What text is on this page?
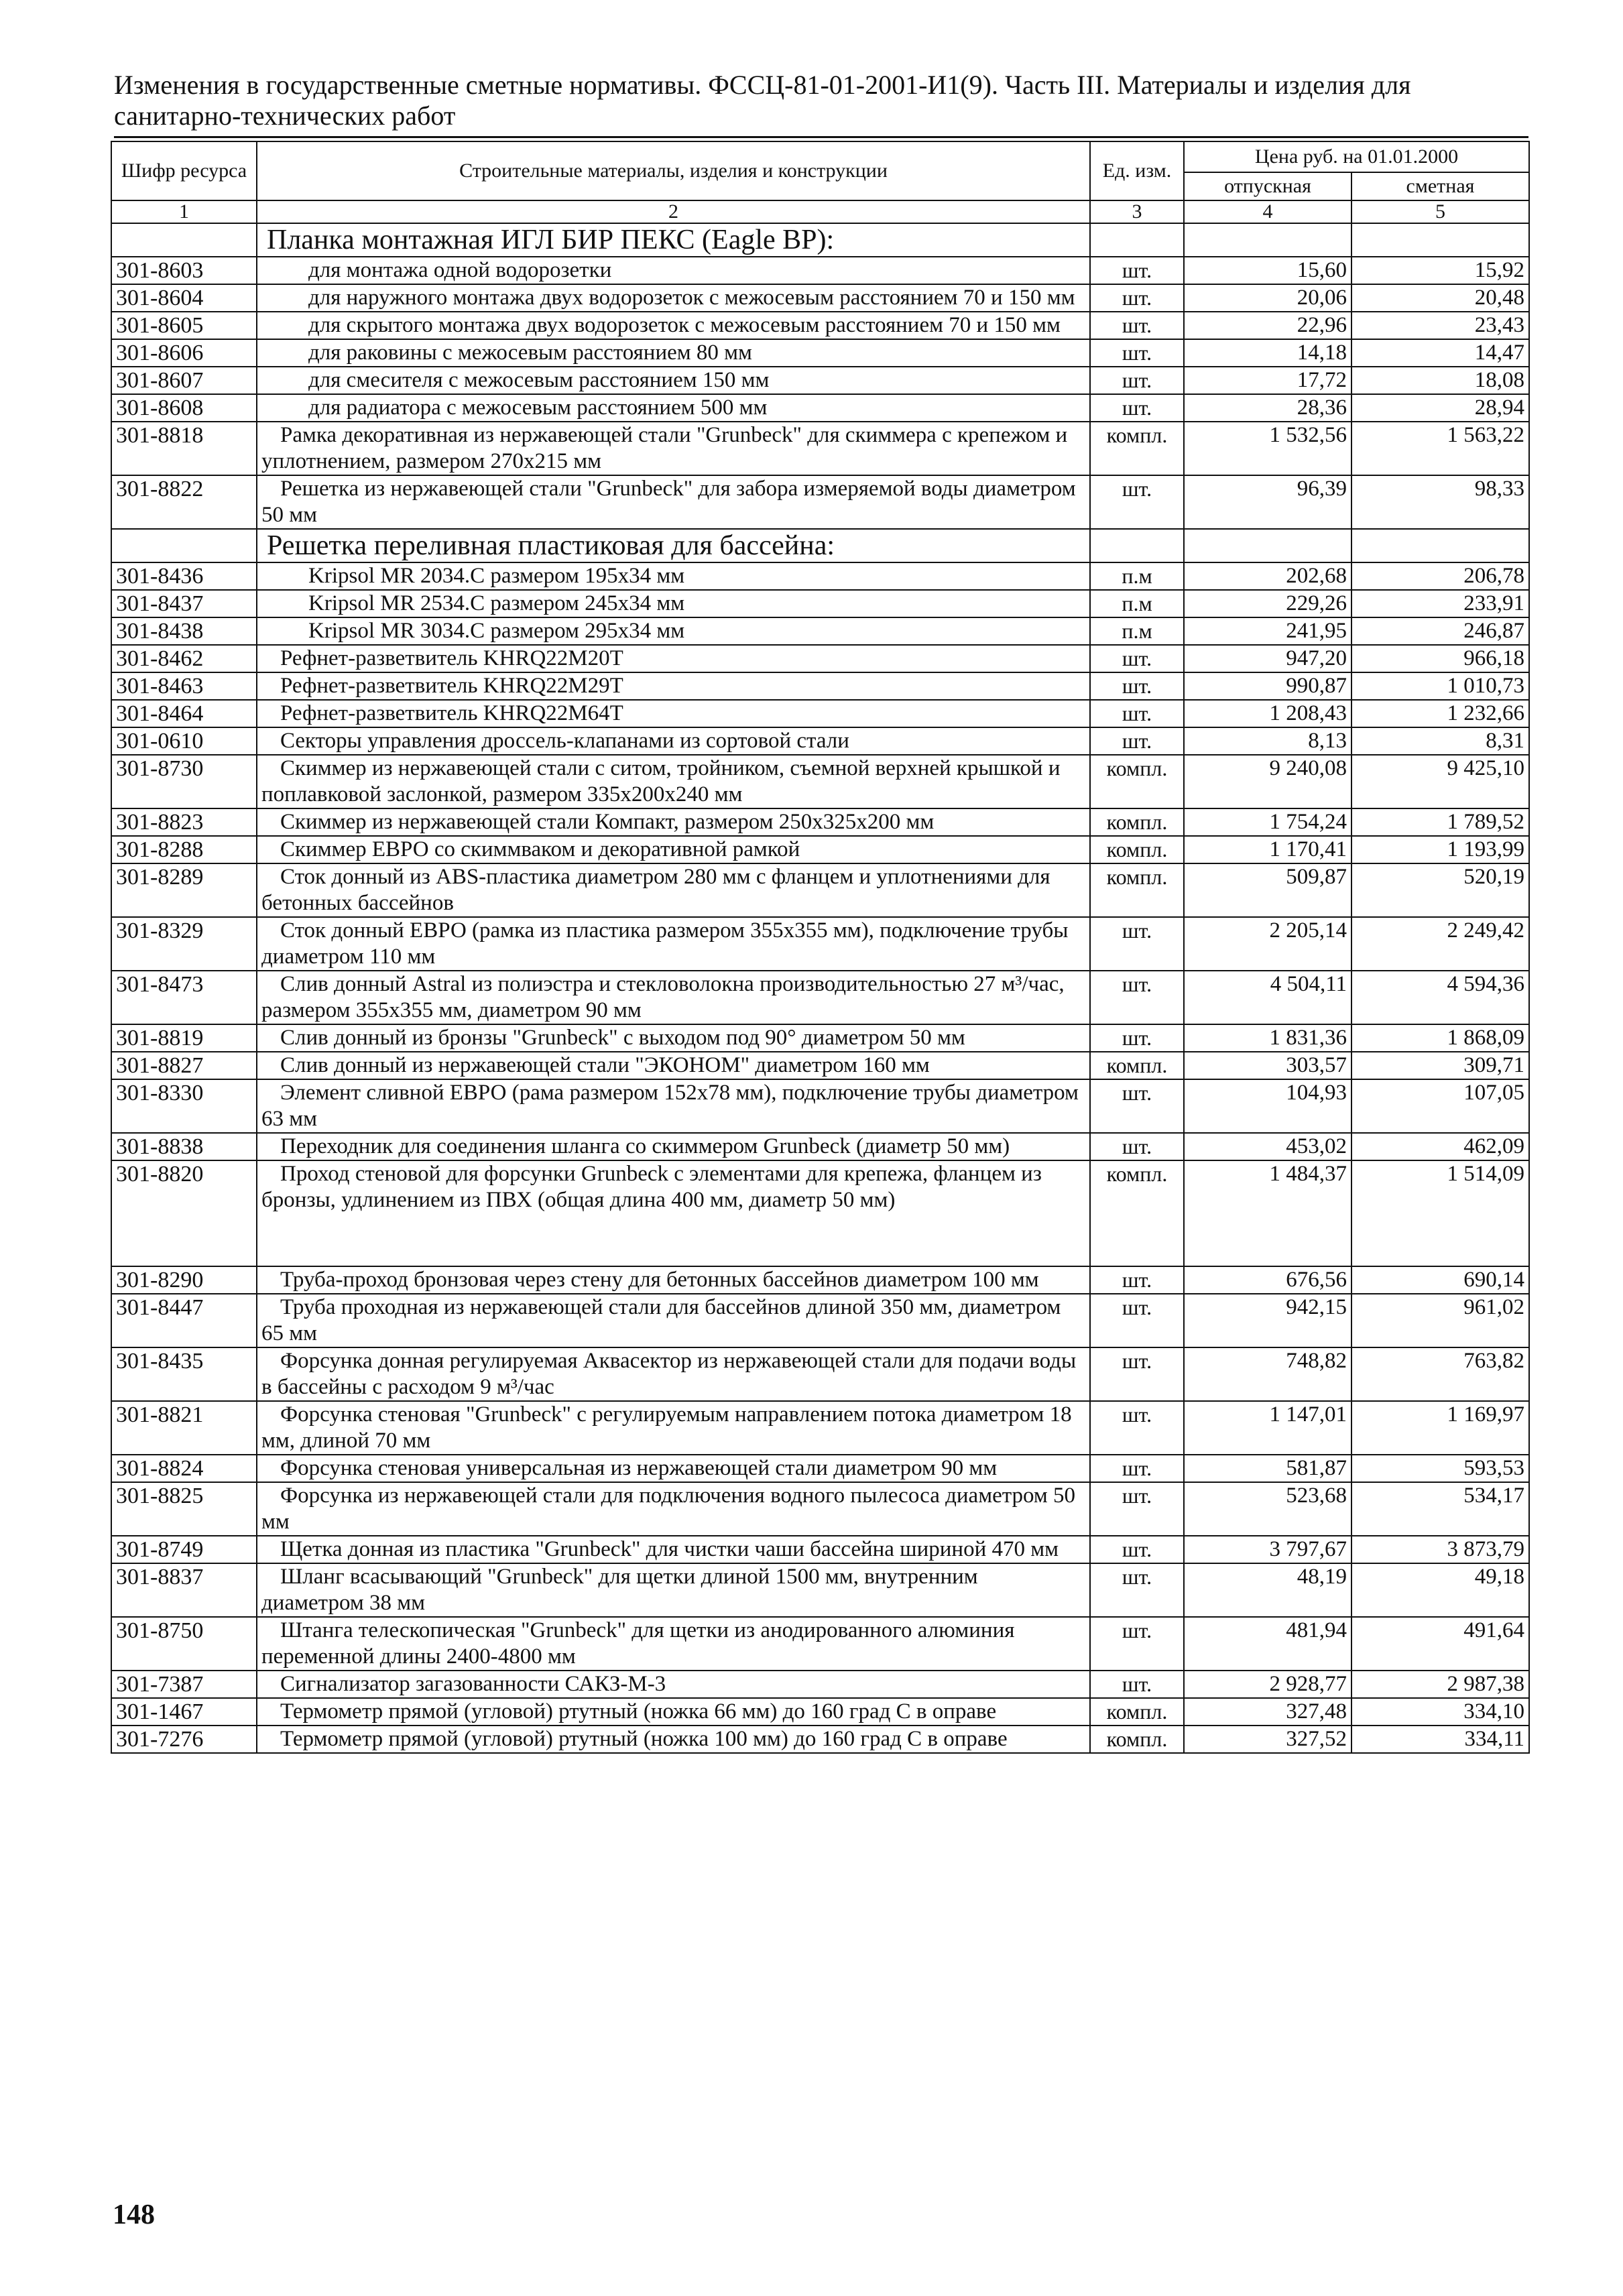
Изменения в государственные сметные нормативы. ФССЦ-81-01-2001-И1(9). Часть III. Материалы и изделия для
санитарно-технических работ
Шифр ресурса	Строительные материалы, изделия и конструкции	Ед. изм.	Цена руб. на 01.01.2000	
			отпускная	сметная
1	2	3	4	5
	Планка монтажная ИГЛ БИР ПЕКС (Eagle BP):			
301-8603	для монтажа одной водорозетки	шт.	15,60	15,92
301-8604	для наружного монтажа двух водорозеток с межосевым расстоянием 70 и 150 мм	шт.	20,06	20,48
301-8605	для скрытого монтажа двух водорозеток с межосевым расстоянием 70 и 150 мм	шт.	22,96	23,43
301-8606	для раковины с межосевым расстоянием 80 мм	шт.	14,18	14,47
301-8607	для смесителя с межосевым расстоянием 150 мм	шт.	17,72	18,08
301-8608	для радиатора с межосевым расстоянием 500 мм	шт.	28,36	28,94
301-8818	Рамка декоративная из нержавеющей стали "Grunbeck" для скиммера с крепежом и уплотнением, размером 270х215 мм	компл.	1 532,56	1 563,22
301-8822	Решетка из нержавеющей стали "Grunbeck" для забора измеряемой воды диаметром 50 мм	шт.	96,39	98,33
	Решетка переливная пластиковая для бассейна:			
301-8436	Kripsol MR 2034.C размером 195х34 мм	п.м	202,68	206,78
301-8437	Kripsol MR 2534.C размером 245х34 мм	п.м	229,26	233,91
301-8438	Kripsol MR 3034.C размером 295х34 мм	п.м	241,95	246,87
301-8462	Рефнет-разветвитель KHRQ22M20T	шт.	947,20	966,18
301-8463	Рефнет-разветвитель KHRQ22M29T	шт.	990,87	1 010,73
301-8464	Рефнет-разветвитель KHRQ22M64T	шт.	1 208,43	1 232,66
301-0610	Секторы управления дроссель-клапанами из сортовой стали	шт.	8,13	8,31
301-8730	Скиммер из нержавеющей стали с ситом, тройником, съемной верхней крышкой и поплавковой заслонкой, размером 335х200х240 мм	компл.	9 240,08	9 425,10
301-8823	Скиммер из нержавеющей стали Компакт, размером 250х325х200 мм	компл.	1 754,24	1 789,52
301-8288	Скиммер ЕВРО со скиммваком и декоративной рамкой	компл.	1 170,41	1 193,99
301-8289	Сток донный из ABS-пластика диаметром 280 мм с фланцем и уплотнениями для бетонных бассейнов	компл.	509,87	520,19
301-8329	Сток донный ЕВРО (рамка из пластика размером 355х355 мм), подключение трубы диаметром 110 мм	шт.	2 205,14	2 249,42
301-8473	Слив донный Astral из полиэстра и стекловолокна производительностью 27 м³/час, размером 355х355 мм, диаметром 90 мм	шт.	4 504,11	4 594,36
301-8819	Слив донный из бронзы "Grunbeck" с выходом под 90° диаметром 50 мм	шт.	1 831,36	1 868,09
301-8827	Слив донный из нержавеющей стали "ЭКОНОМ" диаметром 160 мм	компл.	303,57	309,71
301-8330	Элемент сливной ЕВРО (рама размером 152х78 мм), подключение трубы диаметром 63 мм	шт.	104,93	107,05
301-8838	Переходник для соединения шланга со скиммером Grunbeck (диаметр 50 мм)	шт.	453,02	462,09
301-8820	Проход стеновой для форсунки Grunbeck с элементами для крепежа, фланцем из бронзы, удлинением из ПВХ (общая длина 400 мм, диаметр 50 мм)	компл.	1 484,37	1 514,09
301-8290	Труба-проход бронзовая через стену для бетонных бассейнов диаметром 100 мм	шт.	676,56	690,14
301-8447	Труба проходная из нержавеющей стали для бассейнов длиной 350 мм, диаметром 65 мм	шт.	942,15	961,02
301-8435	Форсунка донная регулируемая Аквасектор из нержавеющей стали для подачи воды в бассейны с расходом 9 м³/час	шт.	748,82	763,82
301-8821	Форсунка стеновая "Grunbeck" с регулируемым направлением потока диаметром 18 мм, длиной 70 мм	шт.	1 147,01	1 169,97
301-8824	Форсунка стеновая универсальная из нержавеющей стали диаметром 90 мм	шт.	581,87	593,53
301-8825	Форсунка из нержавеющей стали для подключения водного пылесоса диаметром 50 мм	шт.	523,68	534,17
301-8749	Щетка донная из пластика "Grunbeck" для чистки чаши бассейна шириной 470 мм	шт.	3 797,67	3 873,79
301-8837	Шланг всасывающий "Grunbeck" для щетки длиной 1500 мм, внутренним диаметром 38 мм	шт.	48,19	49,18
301-8750	Штанга телескопическая "Grunbeck" для щетки из анодированного алюминия переменной длины 2400-4800 мм	шт.	481,94	491,64
301-7387	Сигнализатор загазованности САКЗ-М-3	шт.	2 928,77	2 987,38
301-1467	Термометр прямой (угловой) ртутный (ножка 66 мм) до 160 град С в оправе	компл.	327,48	334,10
301-7276	Термометр прямой (угловой) ртутный (ножка 100 мм) до 160 град С в оправе	компл.	327,52	334,11
148
